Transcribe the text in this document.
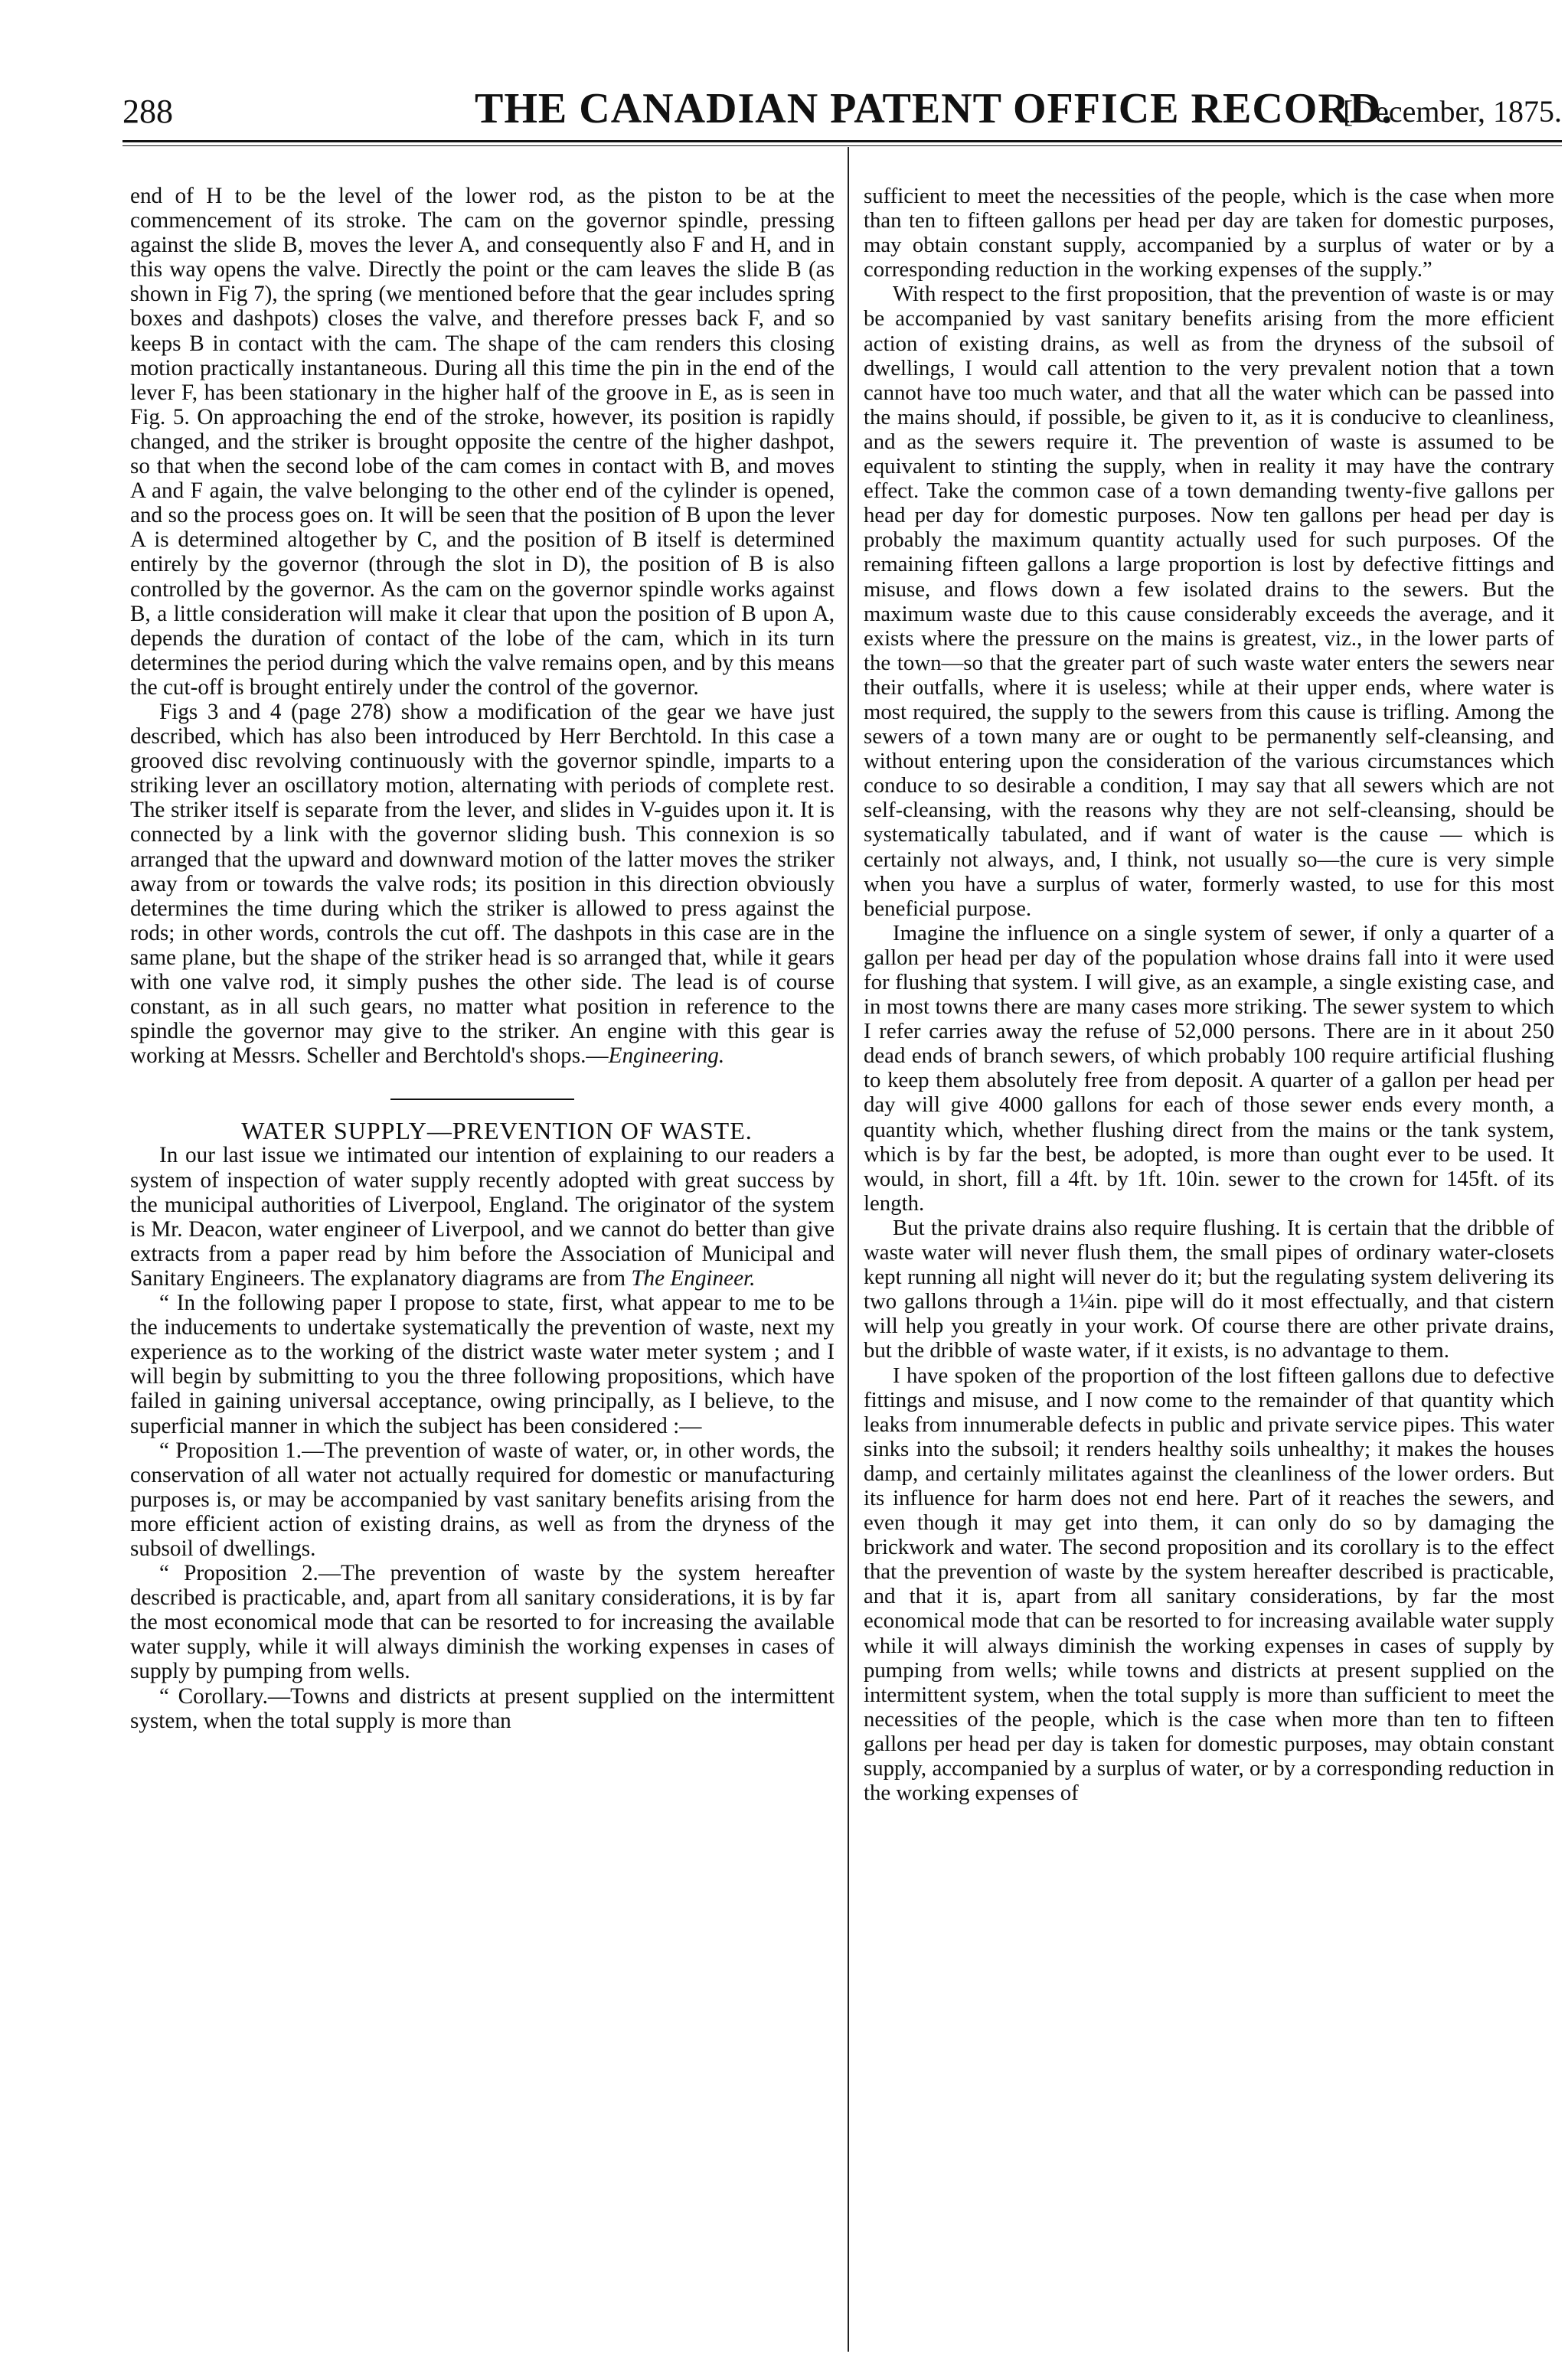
288	THE CANADIAN PATENT OFFICE RECORD.
[December, 1875.

end of H to be the level of the lower rod, as the piston to be at the commencement of its stroke. The cam on the governor spindle, pressing against the slide B, moves the lever A, and consequently also F and H, and in this way opens the valve. Directly the point or the cam leaves the slide B (as shown in Fig 7), the spring (we mentioned before that the gear includes spring boxes and dashpots) closes the valve, and therefore presses back F, and so keeps B in contact with the cam. The shape of the cam renders this closing motion practically instantaneous. During all this time the pin in the end of the lever F, has been stationary in the higher half of the groove in E, as is seen in Fig. 5. On approaching the end of the stroke, however, its position is rapidly changed, and the striker is brought opposite the centre of the higher dashpot, so that when the second lobe of the cam comes in contact with B, and moves A and F again, the valve belonging to the other end of the cylinder is opened, and so the process goes on. It will be seen that the position of B upon the lever A is determined altogether by C, and the position of B itself is determined entirely by the governor (through the slot in D), the position of B is also controlled by the governor. As the cam on the governor spindle works against B, a little consideration will make it clear that upon the position of B upon A, depends the duration of contact of the lobe of the cam, which in its turn determines the period during which the valve remains open, and by this means the cut-off is brought entirely under the control of the governor.

Figs 3 and 4 (page 278) show a modification of the gear we have just described, which has also been introduced by Herr Berchtold. In this case a grooved disc revolving continuously with the governor spindle, imparts to a striking lever an oscillatory motion, alternating with periods of complete rest. The striker itself is separate from the lever, and slides in V-guides upon it. It is connected by a link with the governor sliding bush. This connexion is so arranged that the upward and downward motion of the latter moves the striker away from or towards the valve rods; its position in this direction obviously determines the time during which the striker is allowed to press against the rods; in other words, controls the cut off. The dashpots in this case are in the same plane, but the shape of the striker head is so arranged that, while it gears with one valve rod, it simply pushes the other side. The lead is of course constant, as in all such gears, no matter what position in reference to the spindle the governor may give to the striker. An engine with this gear is working at Messrs. Scheller and Berchtold's shops.—Engineering.

WATER SUPPLY—PREVENTION OF WASTE.

In our last issue we intimated our intention of explaining to our readers a system of inspection of water supply recently adopted with great success by the municipal authorities of Liverpool, England. The originator of the system is Mr. Deacon, water engineer of Liverpool, and we cannot do better than give extracts from a paper read by him before the Association of Municipal and Sanitary Engineers. The explanatory diagrams are from The Engineer.

“ In the following paper I propose to state, first, what appear to me to be the inducements to undertake systematically the prevention of waste, next my experience as to the working of the district waste water meter system ; and I will begin by submitting to you the three following propositions, which have failed in gaining universal acceptance, owing principally, as I believe, to the superficial manner in which the subject has been considered :—

“ Proposition 1.—The prevention of waste of water, or, in other words, the conservation of all water not actually required for domestic or manufacturing purposes is, or may be accompanied by vast sanitary benefits arising from the more efficient action of existing drains, as well as from the dryness of the subsoil of dwellings.

“ Proposition 2.—The prevention of waste by the system hereafter described is practicable, and, apart from all sanitary considerations, it is by far the most economical mode that can be resorted to for increasing the available water supply, while it will always diminish the working expenses in cases of supply by pumping from wells.

“ Corollary.—Towns and districts at present supplied on the intermittent system, when the total supply is more than

sufficient to meet the necessities of the people, which is the case when more than ten to fifteen gallons per head per day are taken for domestic purposes, may obtain constant supply, accompanied by a surplus of water or by a corresponding reduction in the working expenses of the supply.”

With respect to the first proposition, that the prevention of waste is or may be accompanied by vast sanitary benefits arising from the more efficient action of existing drains, as well as from the dryness of the subsoil of dwellings, I would call attention to the very prevalent notion that a town cannot have too much water, and that all the water which can be passed into the mains should, if possible, be given to it, as it is conducive to cleanliness, and as the sewers require it. The prevention of waste is assumed to be equivalent to stinting the supply, when in reality it may have the contrary effect. Take the common case of a town demanding twenty-five gallons per head per day for domestic purposes. Now ten gallons per head per day is probably the maximum quantity actually used for such purposes. Of the remaining fifteen gallons a large proportion is lost by defective fittings and misuse, and flows down a few isolated drains to the sewers. But the maximum waste due to this cause considerably exceeds the average, and it exists where the pressure on the mains is greatest, viz., in the lower parts of the town—so that the greater part of such waste water enters the sewers near their outfalls, where it is useless; while at their upper ends, where water is most required, the supply to the sewers from this cause is trifling. Among the sewers of a town many are or ought to be permanently self-cleansing, and without entering upon the consideration of the various circumstances which conduce to so desirable a condition, I may say that all sewers which are not self-cleansing, with the reasons why they are not self-cleansing, should be systematically tabulated, and if want of water is the cause — which is certainly not always, and, I think, not usually so—the cure is very simple when you have a surplus of water, formerly wasted, to use for this most beneficial purpose.

Imagine the influence on a single system of sewer, if only a quarter of a gallon per head per day of the population whose drains fall into it were used for flushing that system. I will give, as an example, a single existing case, and in most towns there are many cases more striking. The sewer system to which I refer carries away the refuse of 52,000 persons. There are in it about 250 dead ends of branch sewers, of which probably 100 require artificial flushing to keep them absolutely free from deposit. A quarter of a gallon per head per day will give 4000 gallons for each of those sewer ends every month, a quantity which, whether flushing direct from the mains or the tank system, which is by far the best, be adopted, is more than ought ever to be used. It would, in short, fill a 4ft. by 1ft. 10in. sewer to the crown for 145ft. of its length.

But the private drains also require flushing. It is certain that the dribble of waste water will never flush them, the small pipes of ordinary water-closets kept running all night will never do it; but the regulating system delivering its two gallons through a 1¼in. pipe will do it most effectually, and that cistern will help you greatly in your work. Of course there are other private drains, but the dribble of waste water, if it exists, is no advantage to them.

I have spoken of the proportion of the lost fifteen gallons due to defective fittings and misuse, and I now come to the remainder of that quantity which leaks from innumerable defects in public and private service pipes. This water sinks into the subsoil; it renders healthy soils unhealthy; it makes the houses damp, and certainly militates against the cleanliness of the lower orders. But its influence for harm does not end here. Part of it reaches the sewers, and even though it may get into them, it can only do so by damaging the brickwork and water. The second proposition and its corollary is to the effect that the prevention of waste by the system hereafter described is practicable, and that it is, apart from all sanitary considerations, by far the most economical mode that can be resorted to for increasing available water supply while it will always diminish the working expenses in cases of supply by pumping from wells; while towns and districts at present supplied on the intermittent system, when the total supply is more than sufficient to meet the necessities of the people, which is the case when more than ten to fifteen gallons per head per day is taken for domestic purposes, may obtain constant supply, accompanied by a surplus of water, or by a corresponding reduction in the working expenses of
